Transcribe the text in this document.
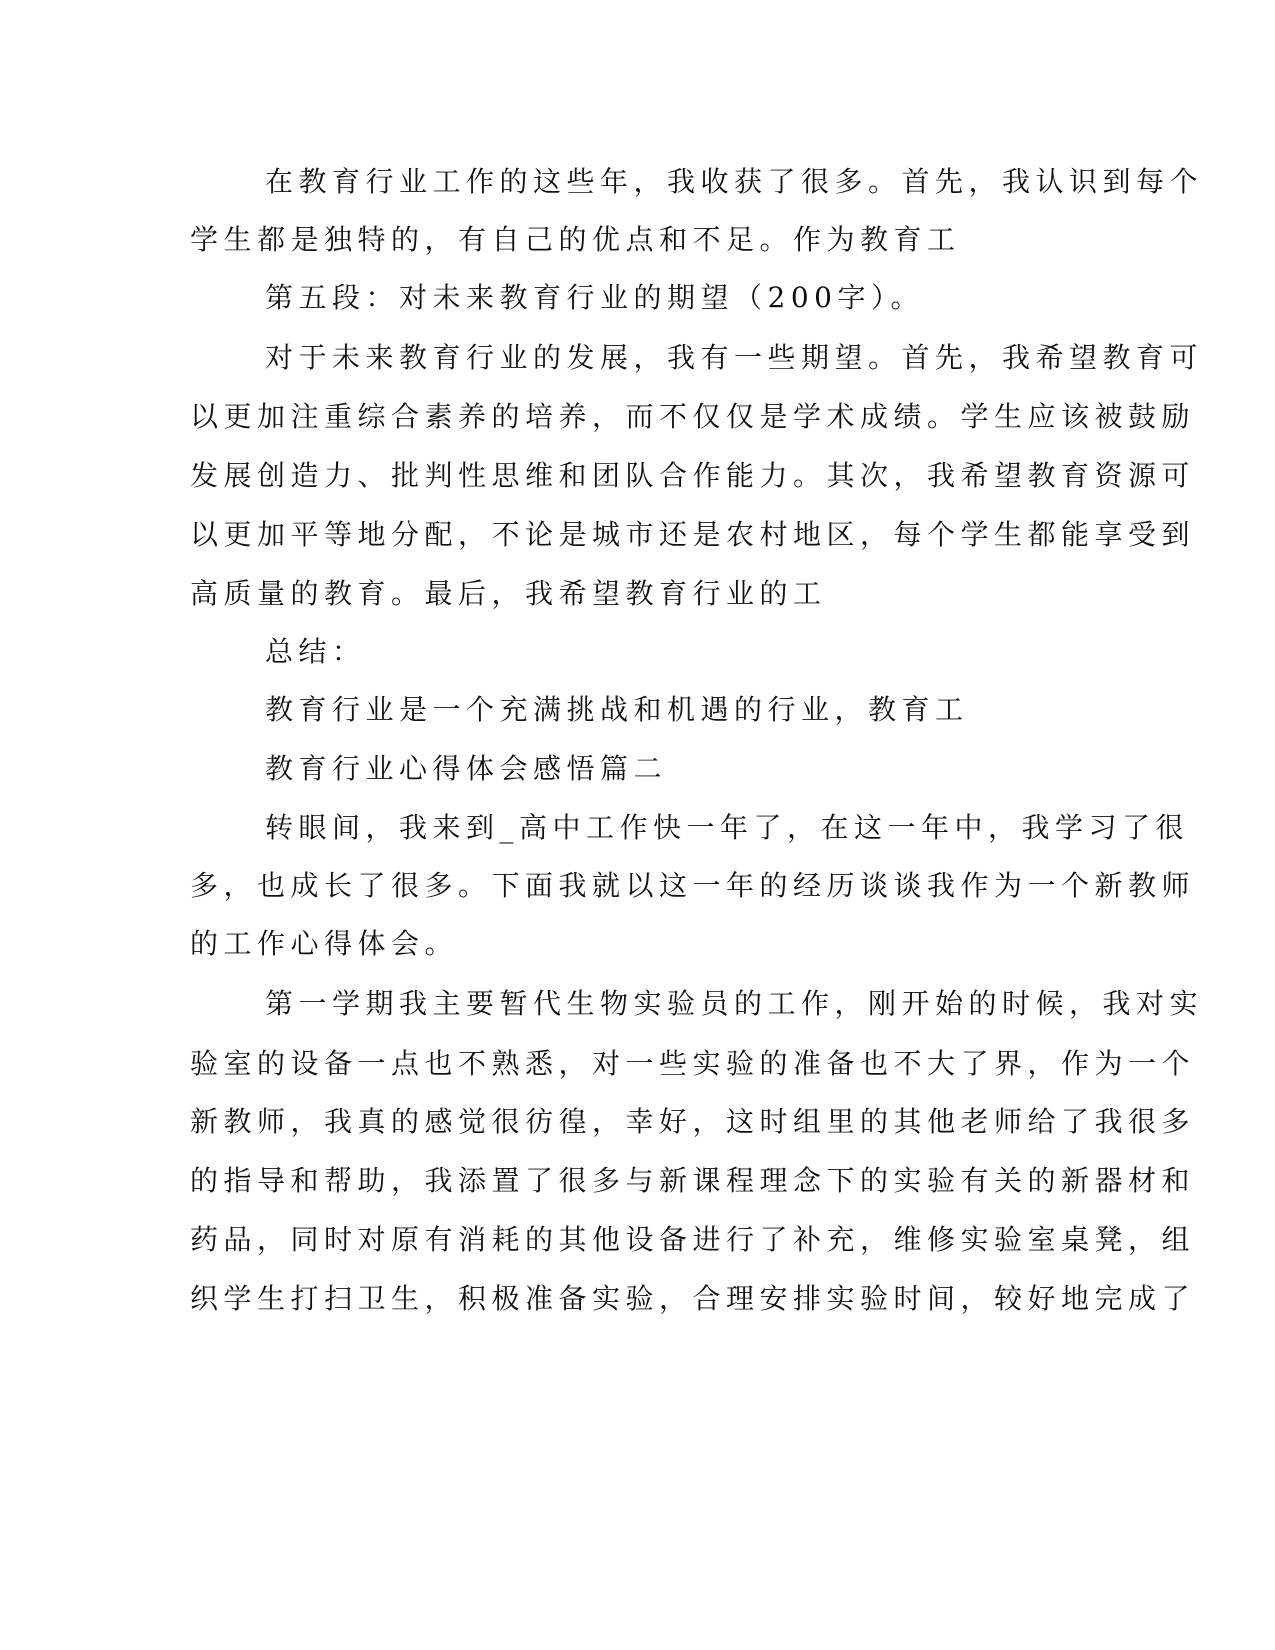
在教育行业工作的这些年，我收获了很多。首先，我认识到每个
学生都是独特的，有自己的优点和不足。作为教育工
第五段：对未来教育行业的期望（200字）。
对于未来教育行业的发展，我有一些期望。首先，我希望教育可
以更加注重综合素养的培养，而不仅仅是学术成绩。学生应该被鼓励
发展创造力、批判性思维和团队合作能力。其次，我希望教育资源可
以更加平等地分配，不论是城市还是农村地区，每个学生都能享受到
高质量的教育。最后，我希望教育行业的工
总结：
教育行业是一个充满挑战和机遇的行业，教育工
教育行业心得体会感悟篇二
转眼间，我来到_高中工作快一年了，在这一年中，我学习了很
多，也成长了很多。下面我就以这一年的经历谈谈我作为一个新教师
的工作心得体会。
第一学期我主要暂代生物实验员的工作，刚开始的时候，我对实
验室的设备一点也不熟悉，对一些实验的准备也不大了界，作为一个
新教师，我真的感觉很彷徨，幸好，这时组里的其他老师给了我很多
的指导和帮助，我添置了很多与新课程理念下的实验有关的新器材和
药品，同时对原有消耗的其他设备进行了补充，维修实验室桌凳，组
织学生打扫卫生，积极准备实验，合理安排实验时间，较好地完成了
